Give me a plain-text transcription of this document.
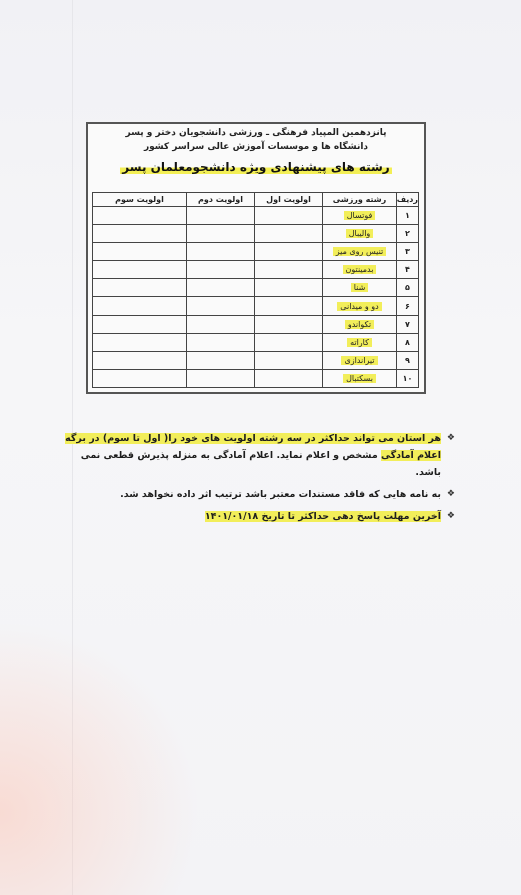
پانزدهمین المپیاد فرهنگی ـ ورزشی دانشجویان دختر و پسر
دانشگاه ها و موسسات آموزش عالی سراسر کشور
رشته های پیشنهادی ویژه دانشجومعلمان پسر
ردیف	رشته ورزشی	اولویت اول	اولویت دوم	اولویت سوم
۱	فوتسال			
۲	والیبال			
۳	تنیس روی میز			
۴	بدمینتون			
۵	شنا			
۶	دو و میدانی			
۷	تکواندو			
۸	کاراته			
۹	تیراندازی			
۱۰	بسکتبال			
❖
هر استان می تواند حداکثر در سه رشته اولویت های خود را( اول تا سوم) در برگه اعلام آمادگی مشخص و اعلام نماید. اعلام آمادگی به منزله پذیرش قطعی نمی باشد.
❖
به نامه هایی که فاقد مستندات معتبر باشد ترتیب اثر داده نخواهد شد.
❖
آخرین مهلت پاسخ دهی حداکثر تا تاریخ ۱۴۰۱/۰۱/۱۸
